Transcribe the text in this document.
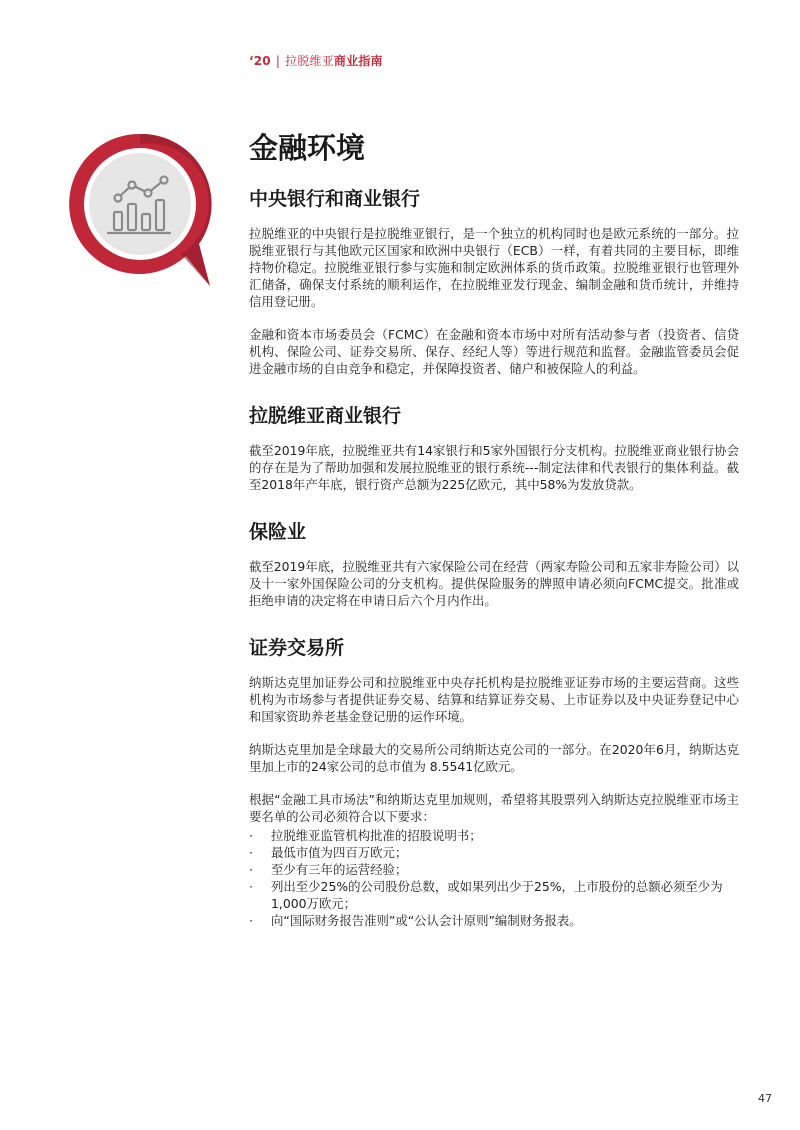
‘20 | 拉脱维亚商业指南
金融环境
中央银行和商业银行

拉脱维亚的中央银行是拉脱维亚银行，是一个独立的机构同时也是欧元系统的一部分。拉脱维亚银行与其他欧元区国家和欧洲中央银行（ECB）一样，有着共同的主要目标，即维持物价稳定。拉脱维亚银行参与实施和制定欧洲体系的货币政策。拉脱维亚银行也管理外汇储备，确保支付系统的顺利运作，在拉脱维亚发行现金、编制金融和货币统计，并维持信用登记册。

金融和资本市场委员会（FCMC）在金融和资本市场中对所有活动参与者（投资者、信贷机构、保险公司、证券交易所、保存、经纪人等）等进行规范和监督。金融监管委员会促进金融市场的自由竞争和稳定，并保障投资者、储户和被保险人的利益。

拉脱维亚商业银行

截至2019年底，拉脱维亚共有14家银行和5家外国银行分支机构。拉脱维亚商业银行协会的存在是为了帮助加强和发展拉脱维亚的银行系统---制定法律和代表银行的集体利益。截至2018年产年底，银行资产总额为225亿欧元，其中58%为发放贷款。

保险业

截至2019年底，拉脱维亚共有六家保险公司在经营（两家寿险公司和五家非寿险公司）以及十一家外国保险公司的分支机构。提供保险服务的牌照申请必须向FCMC提交。批准或拒绝申请的决定将在申请日后六个月内作出。

证券交易所

纳斯达克里加证券公司和拉脱维亚中央存托机构是拉脱维亚证券市场的主要运营商。这些机构为市场参与者提供证券交易、结算和结算证券交易、上市证券以及中央证券登记中心和国家资助养老基金登记册的运作环境。

纳斯达克里加是全球最大的交易所公司纳斯达克公司的一部分。在2020年6月，纳斯达克里加上市的24家公司的总市值为 8.5541亿欧元。

根据“金融工具市场法”和纳斯达克里加规则，希望将其股票列入纳斯达克拉脱维亚市场主要名单的公司必须符合以下要求：

· 拉脱维亚监管机构批准的招股说明书；
· 最低市值为四百万欧元；
· 至少有三年的运营经验；
· 列出至少25%的公司股份总数，或如果列出少于25%，上市股份的总额必须至少为1,000万欧元；
· 向“国际财务报告准则”或“公认会计原则”编制财务报表。
47
